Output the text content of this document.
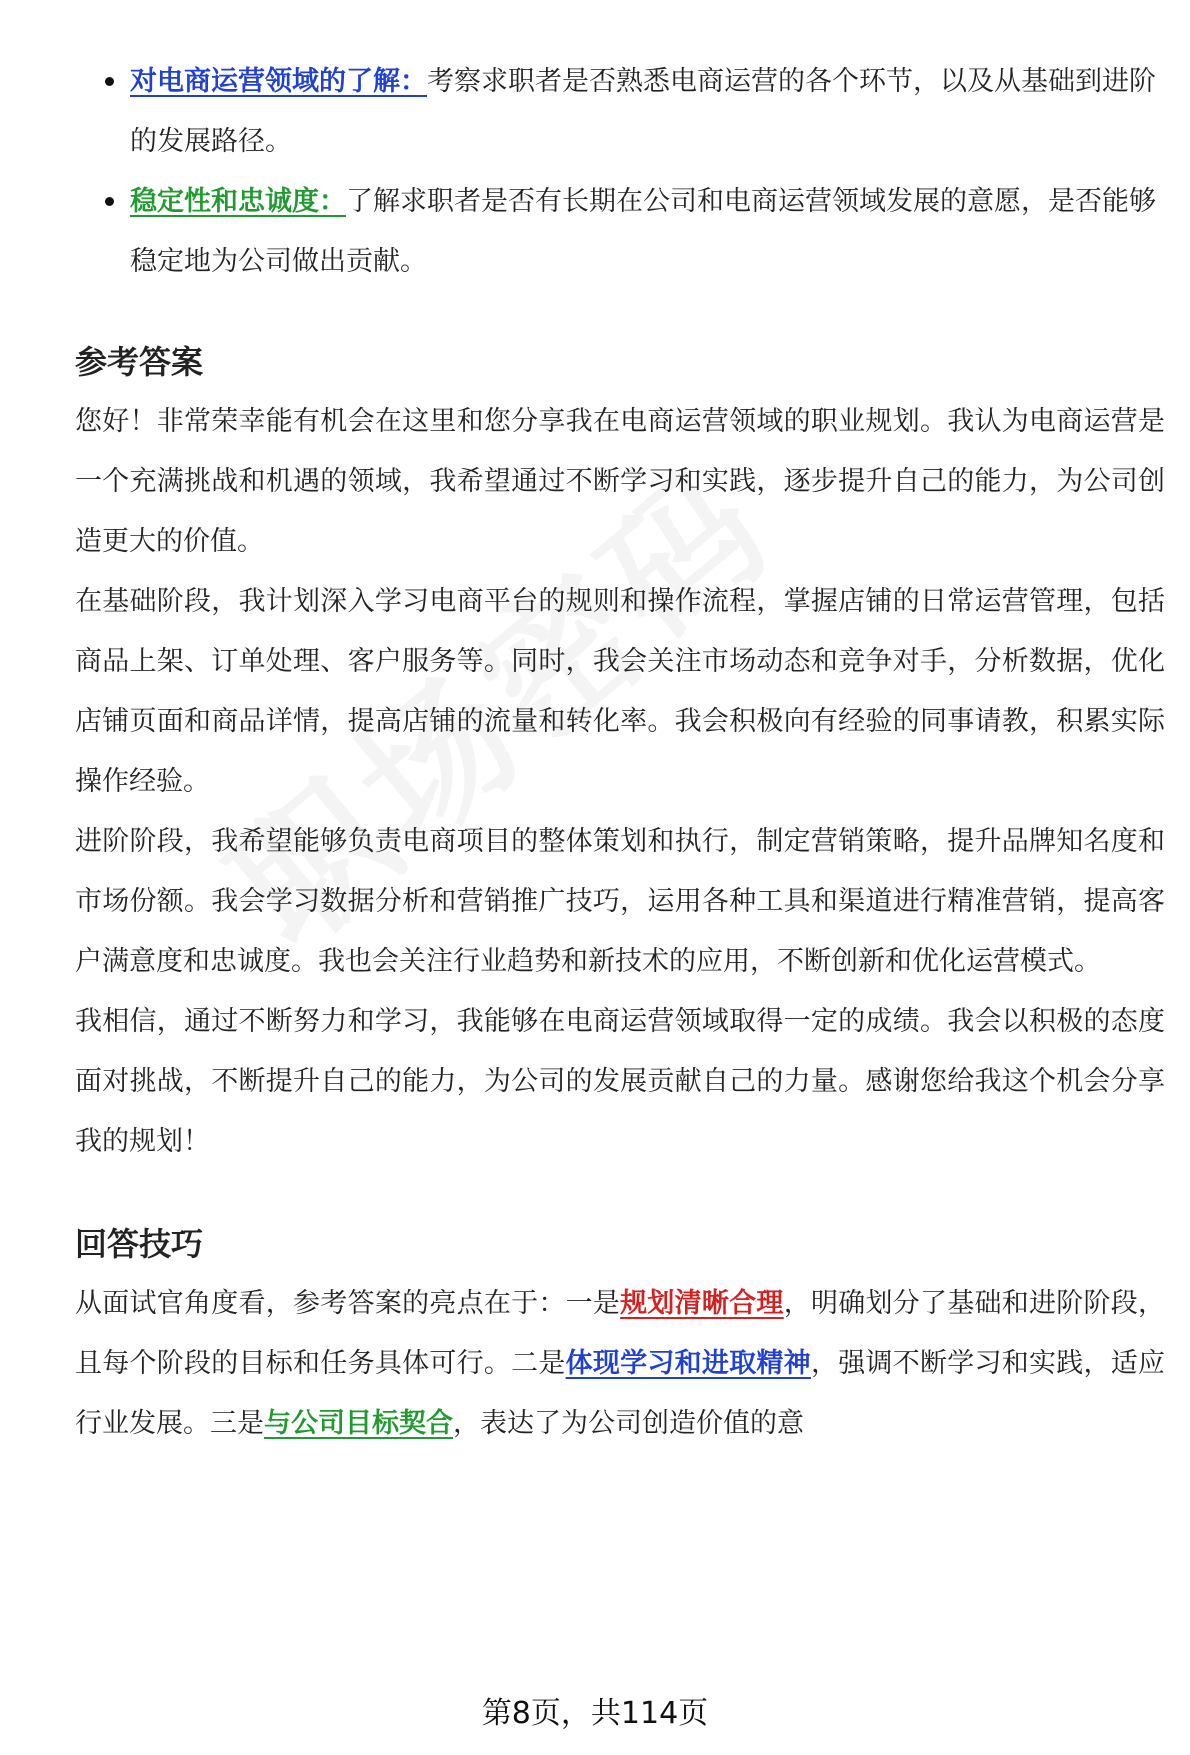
对电商运营领域的了解：考察求职者是否熟悉电商运营的各个环节，以及从基础到进阶的发展路径。
稳定性和忠诚度：了解求职者是否有长期在公司和电商运营领域发展的意愿，是否能够稳定地为公司做出贡献。
参考答案

您好！非常荣幸能有机会在这里和您分享我在电商运营领域的职业规划。我认为电商运营是一个充满挑战和机遇的领域，我希望通过不断学习和实践，逐步提升自己的能力，为公司创造更大的价值。

在基础阶段，我计划深入学习电商平台的规则和操作流程，掌握店铺的日常运营管理，包括商品上架、订单处理、客户服务等。同时，我会关注市场动态和竞争对手，分析数据，优化店铺页面和商品详情，提高店铺的流量和转化率。我会积极向有经验的同事请教，积累实际操作经验。

进阶阶段，我希望能够负责电商项目的整体策划和执行，制定营销策略，提升品牌知名度和市场份额。我会学习数据分析和营销推广技巧，运用各种工具和渠道进行精准营销，提高客户满意度和忠诚度。我也会关注行业趋势和新技术的应用，不断创新和优化运营模式。

我相信，通过不断努力和学习，我能够在电商运营领域取得一定的成绩。我会以积极的态度面对挑战，不断提升自己的能力，为公司的发展贡献自己的力量。感谢您给我这个机会分享我的规划！

回答技巧

从面试官角度看，参考答案的亮点在于：一是规划清晰合理，明确划分了基础和进阶阶段，且每个阶段的目标和任务具体可行。二是体现学习和进取精神，强调不断学习和实践，适应行业发展。三是与公司目标契合，表达了为公司创造价值的意

第8页，共114页
